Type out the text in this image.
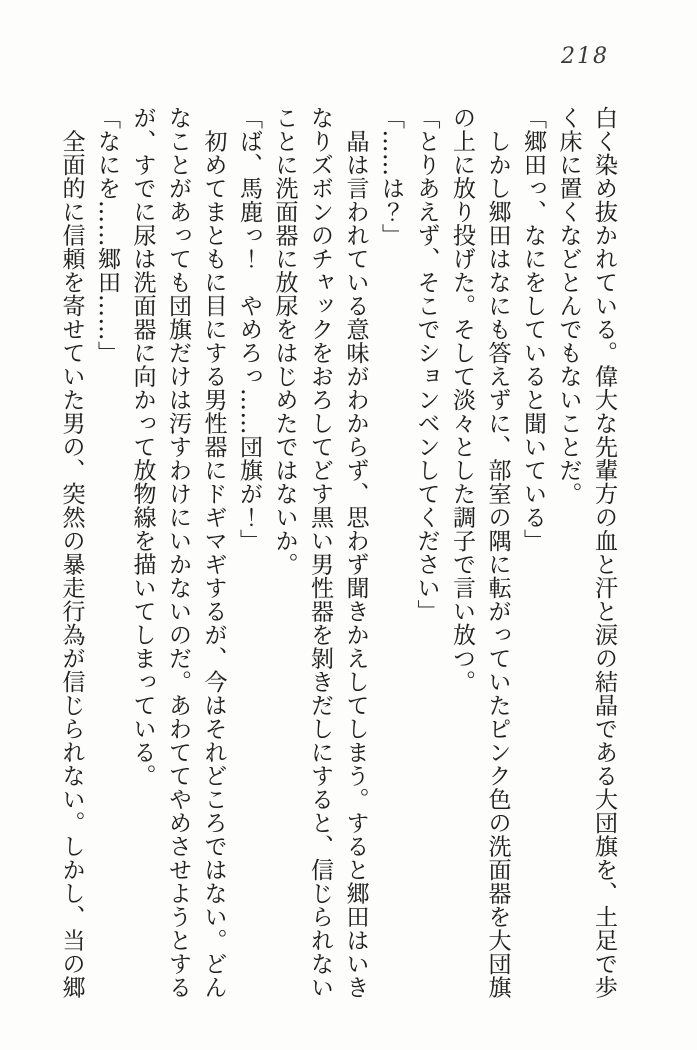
218

白く染め抜かれている。偉大な先輩方の血と汗と涙の結晶である大団旗を、土足で歩

く床に置くなどとんでもないことだ。

「郷田っ、なにをしていると聞いている」

　しかし郷田はなにも答えずに、部室の隅に転がっていたピンク色の洗面器を大団旗

の上に放り投げた。そして淡々とした調子で言い放つ。

「とりあえず、そこでションベンしてください」

「……は？」

　晶は言われている意味がわからず、思わず聞きかえしてしまう。すると郷田はいき

なりズボンのチャックをおろしてどす黒い男性器を剝きだしにすると、信じられない

ことに洗面器に放尿をはじめたではないか。

「ば、馬鹿っ！　やめろっ……団旗が！」

　初めてまともに目にする男性器にドギマギするが、今はそれどころではない。どん

なことがあっても団旗だけは汚すわけにいかないのだ。あわててやめさせようとする

が、すでに尿は洗面器に向かって放物線を描いてしまっている。

「なにを……郷田……」

　全面的に信頼を寄せていた男の、突然の暴走行為が信じられない。しかし、当の郷
